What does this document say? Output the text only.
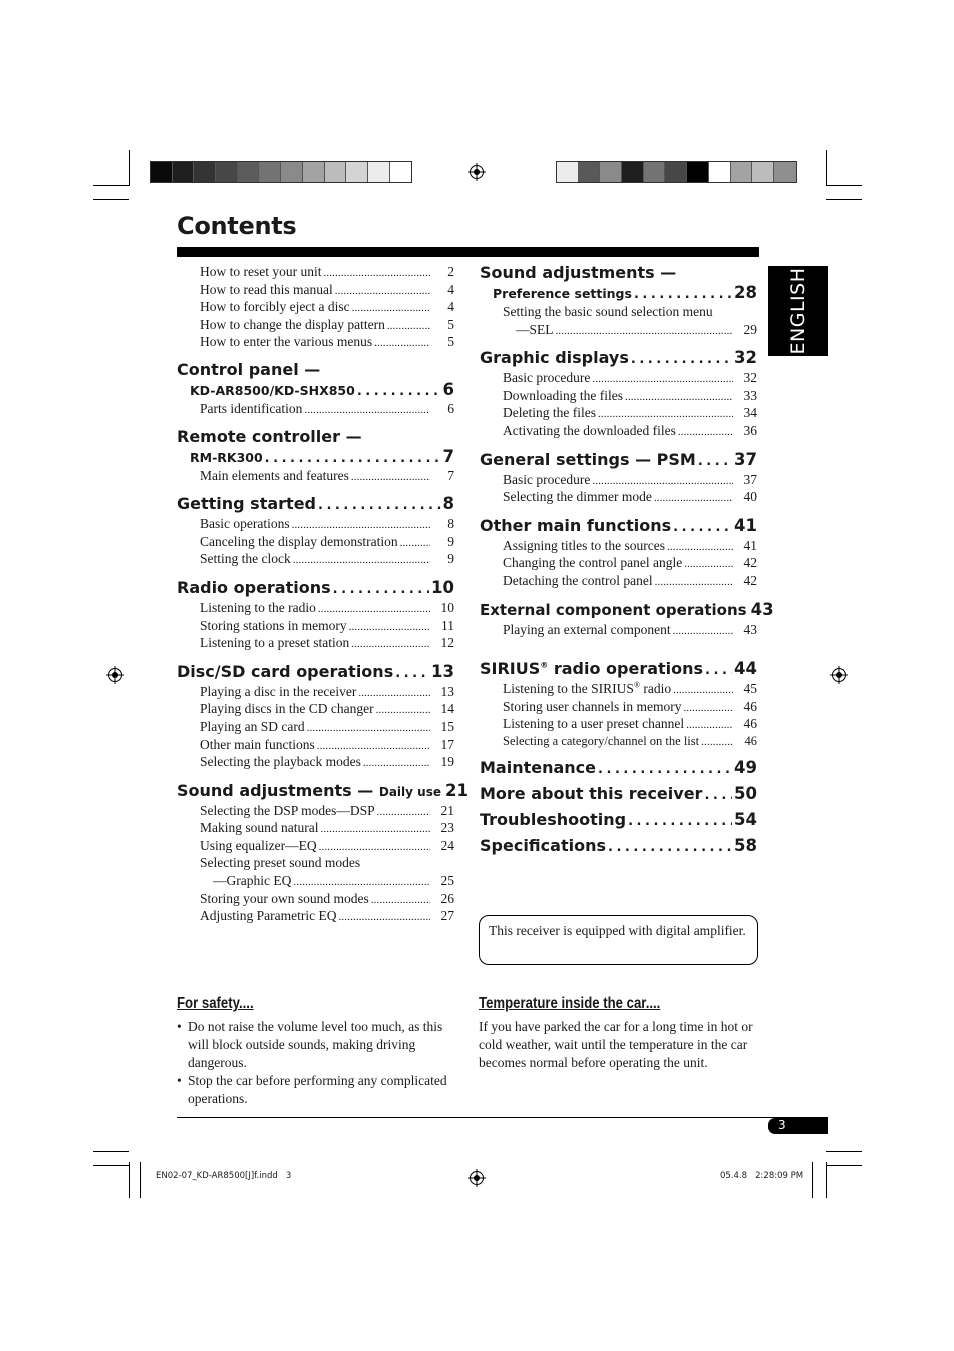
Contents
ENGLISH
How to reset your unit . . .	2
How to read this manual . . .	4
How to forcibly eject a disc . . .	4
How to change the display pattern . . .	5
How to enter the various menus . . .	5
Control panel —
KD-AR8500/KD-SHX850 . . .	6
Parts identification . . .	6
Remote controller —
RM-RK300 . . .	7
Main elements and features . . .	7
Getting started . . .	8
Basic operations . . .	8
Canceling the display demonstration . . .	9
Setting the clock . . .	9
Radio operations . . .	10
Listening to the radio . . .	10
Storing stations in memory . . .	11
Listening to a preset station . . .	12
Disc/SD card operations . . . 13
Playing a disc in the receiver . . .	13
Playing discs in the CD changer . . .	14
Playing an SD card . . .	15
Other main functions . . .	17
Selecting the playback modes . . .	19
Sound adjustments — Daily use 21
Selecting the DSP modes—DSP . . .	21
Making sound natural . . .	23
Using equalizer—EQ . . .	24
Selecting preset sound modes
—Graphic EQ . . .	25
Storing your own sound modes . . .	26
Adjusting Parametric EQ . . .	27
Sound adjustments —
Preference settings . . .	28
Setting the basic sound selection menu
—SEL . . .	29
Graphic displays . . .	32
Basic procedure . . .	32
Downloading the files . . .	33
Deleting the files . . .	34
Activating the downloaded files . . .	36
General settings — PSM . . . 37
Basic procedure . . .	37
Selecting the dimmer mode . . .	40
Other main functions . . .	41
Assigning titles to the sources . . .	41
Changing the control panel angle . . .	42
Detaching the control panel . . .	42
External component operations 43
Playing an external component . . .	43
SIRIUS® radio operations . . . 44
Listening to the SIRIUS® radio . . .	45
Storing user channels in memory . . .	46
Listening to a user preset channel . . .	46
Selecting a category/channel on the list . . .	46
Maintenance . . .	49
More about this receiver . . . 50
Troubleshooting . . .	54
Specifications . . .	58
This receiver is equipped with digital amplifier.
For safety....
• Do not raise the volume level too much, as this will block outside sounds, making driving dangerous.
• Stop the car before performing any complicated operations.
Temperature inside the car....

If you have parked the car for a long time in hot or cold weather, wait until the temperature in the car becomes normal before operating the unit.

3
EN02-07_KD-AR8500[J]f.indd   3	05.4.8   2:28:09 PM
